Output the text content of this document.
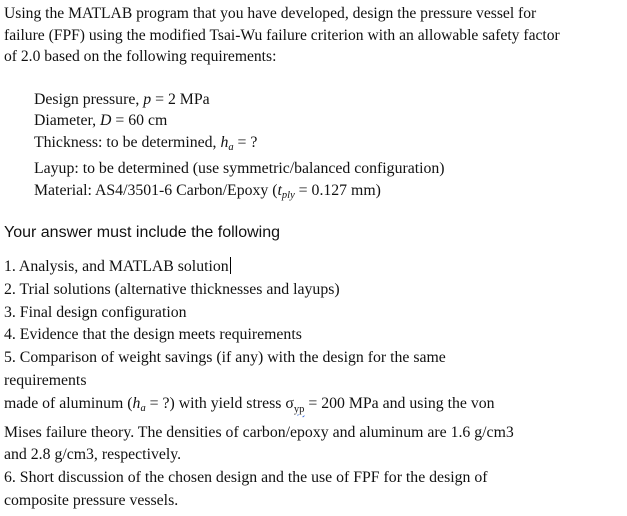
Using the MATLAB program that you have developed, design the pressure vessel for

failure (FPF) using the modified Tsai-Wu failure criterion with an allowable safety factor

of 2.0 based on the following requirements:

Design pressure, p = 2 MPa
Diameter, D = 60 cm
Thickness: to be determined, $h_a$ = ?
Layup: to be determined (use symmetric/balanced configuration)
Material: AS4/3501-6 Carbon/Epoxy ($t_{ply} = 0.127$ mm)
Your answer must include the following
1. Analysis, and MATLAB solution
2. Trial solutions (alternative thicknesses and layups)
3. Final design configuration
4. Evidence that the design meets requirements
5. Comparison of weight savings (if any) with the design for the same
requirements
made of aluminum ($h_a$ = ?) with yield stress $\sigma_{yp} = 200$ MPa and using the von
Mises failure theory. The densities of carbon/epoxy and aluminum are 1.6 g/cm3
and 2.8 g/cm3, respectively.
6. Short discussion of the chosen design and the use of FPF for the design of
composite pressure vessels.
